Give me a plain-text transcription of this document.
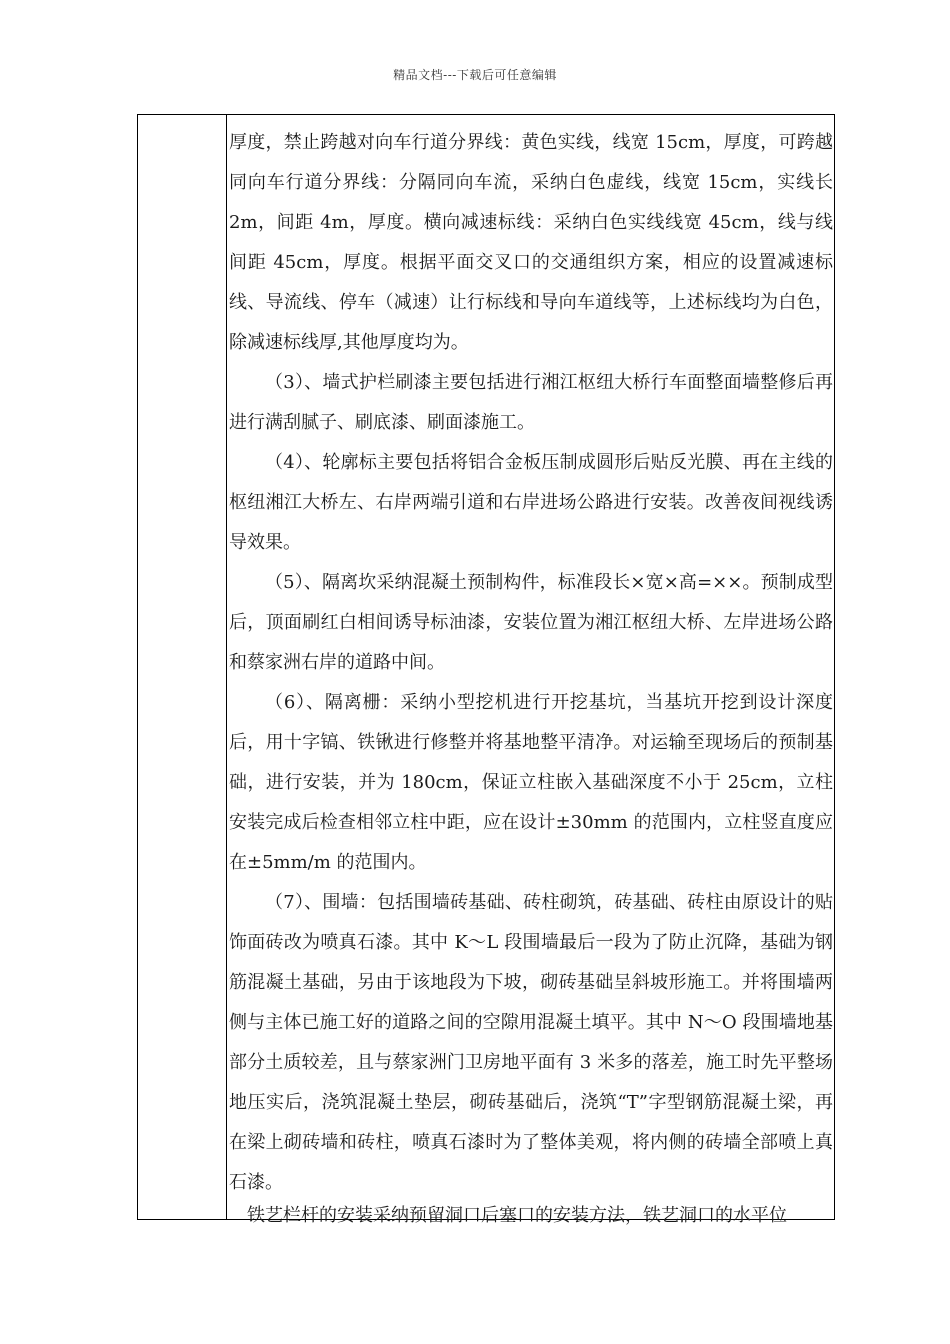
精品文档---下载后可任意编辑

厚度，禁止跨越对向车行道分界线：黄色实线，线宽 15cm，厚度，可跨越同向车行道分界线：分隔同向车流，采纳白色虚线，线宽 15cm，实线长 2m，间距 4m，厚度。横向减速标线：采纳白色实线线宽 45cm，线与线间距 45cm，厚度。根据平面交叉口的交通组织方案，相应的设置减速标线、导流线、停车（减速）让行标线和导向车道线等，上述标线均为白色，除减速标线厚,其他厚度均为。

（3）、墙式护栏刷漆主要包括进行湘江枢纽大桥行车面整面墙整修后再进行满刮腻子、刷底漆、刷面漆施工。

（4）、轮廓标主要包括将铝合金板压制成圆形后贴反光膜、再在主线的枢纽湘江大桥左、右岸两端引道和右岸进场公路进行安装。改善夜间视线诱导效果。

（5）、隔离坎采纳混凝土预制构件，标准段长×宽×高=××。预制成型后，顶面刷红白相间诱导标油漆，安装位置为湘江枢纽大桥、左岸进场公路和蔡家洲右岸的道路中间。

（6）、隔离栅：采纳小型挖机进行开挖基坑，当基坑开挖到设计深度后，用十字镐、铁锹进行修整并将基地整平清净。对运输至现场后的预制基础，进行安装，并为 180cm，保证立柱嵌入基础深度不小于 25cm，立柱安装完成后检查相邻立柱中距，应在设计±30mm 的范围内，立柱竖直度应在±5mm/m 的范围内。

（7）、围墙：包括围墙砖基础、砖柱砌筑，砖基础、砖柱由原设计的贴饰面砖改为喷真石漆。其中 K～L 段围墙最后一段为了防止沉降，基础为钢筋混凝土基础，另由于该地段为下坡，砌砖基础呈斜坡形施工。并将围墙两侧与主体已施工好的道路之间的空隙用混凝土填平。其中 N～O 段围墙地基部分土质较差，且与蔡家洲门卫房地平面有 3 米多的落差，施工时先平整场地压实后，浇筑混凝土垫层，砌砖基础后，浇筑“T”字型钢筋混凝土梁，再在梁上砌砖墙和砖柱，喷真石漆时为了整体美观，将内侧的砖墙全部喷上真石漆。

铁艺栏杆的安装采纳预留洞口后塞口的安装方法，铁艺洞口的水平位
